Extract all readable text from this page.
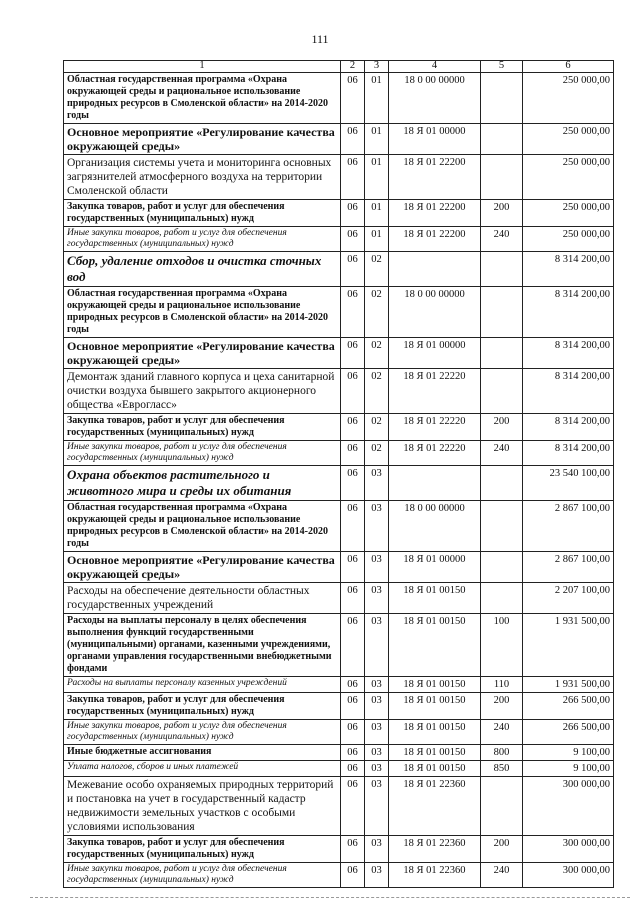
111
1	2	3	4	5	6
Областная государственная программа «Охрана окружающей среды и рациональное использование природных ресурсов в Смоленской области» на 2014-2020 годы	06	01	18 0 00 00000		250 000,00
Основное мероприятие «Регулирование качества окружающей среды»	06	01	18 Я 01 00000		250 000,00
Организация системы учета и мониторинга основных загрязнителей атмосферного воздуха на территории Смоленской области	06	01	18 Я 01 22200		250 000,00
Закупка товаров, работ и услуг для обеспечения государственных (муниципальных) нужд	06	01	18 Я 01 22200	200	250 000,00
Иные закупки товаров, работ и услуг для обеспечения государственных (муниципальных) нужд	06	01	18 Я 01 22200	240	250 000,00
Сбор, удаление отходов и очистка сточных вод	06	02			8 314 200,00
Областная государственная программа «Охрана окружающей среды и рациональное использование природных ресурсов в Смоленской области» на 2014-2020 годы	06	02	18 0 00 00000		8 314 200,00
Основное мероприятие «Регулирование качества окружающей среды»	06	02	18 Я 01 00000		8 314 200,00
Демонтаж зданий главного корпуса и цеха санитарной очистки воздуха бывшего закрытого акционерного общества «Еврогласс»	06	02	18 Я 01 22220		8 314 200,00
Закупка товаров, работ и услуг для обеспечения государственных (муниципальных) нужд	06	02	18 Я 01 22220	200	8 314 200,00
Иные закупки товаров, работ и услуг для обеспечения государственных (муниципальных) нужд	06	02	18 Я 01 22220	240	8 314 200,00
Охрана объектов растительного и животного мира и среды их обитания	06	03			23 540 100,00
Областная государственная программа «Охрана окружающей среды и рациональное использование природных ресурсов в Смоленской области» на 2014-2020 годы	06	03	18 0 00 00000		2 867 100,00
Основное мероприятие «Регулирование качества окружающей среды»	06	03	18 Я 01 00000		2 867 100,00
Расходы на обеспечение деятельности областных государственных учреждений	06	03	18 Я 01 00150		2 207 100,00
Расходы на выплаты персоналу в целях обеспечения выполнения функций государственными (муниципальными) органами, казенными учреждениями, органами управления государственными внебюджетными фондами	06	03	18 Я 01 00150	100	1 931 500,00
Расходы на выплаты персоналу казенных учреждений	06	03	18 Я 01 00150	110	1 931 500,00
Закупка товаров, работ и услуг для обеспечения государственных (муниципальных) нужд	06	03	18 Я 01 00150	200	266 500,00
Иные закупки товаров, работ и услуг для обеспечения государственных (муниципальных) нужд	06	03	18 Я 01 00150	240	266 500,00
Иные бюджетные ассигнования	06	03	18 Я 01 00150	800	9 100,00
Уплата налогов, сборов и иных платежей	06	03	18 Я 01 00150	850	9 100,00
Межевание особо охраняемых природных территорий и постановка на учет в государственный кадастр недвижимости земельных участков с особыми условиями использования	06	03	18 Я 01 22360		300 000,00
Закупка товаров, работ и услуг для обеспечения государственных (муниципальных) нужд	06	03	18 Я 01 22360	200	300 000,00
Иные закупки товаров, работ и услуг для обеспечения государственных (муниципальных) нужд	06	03	18 Я 01 22360	240	300 000,00
